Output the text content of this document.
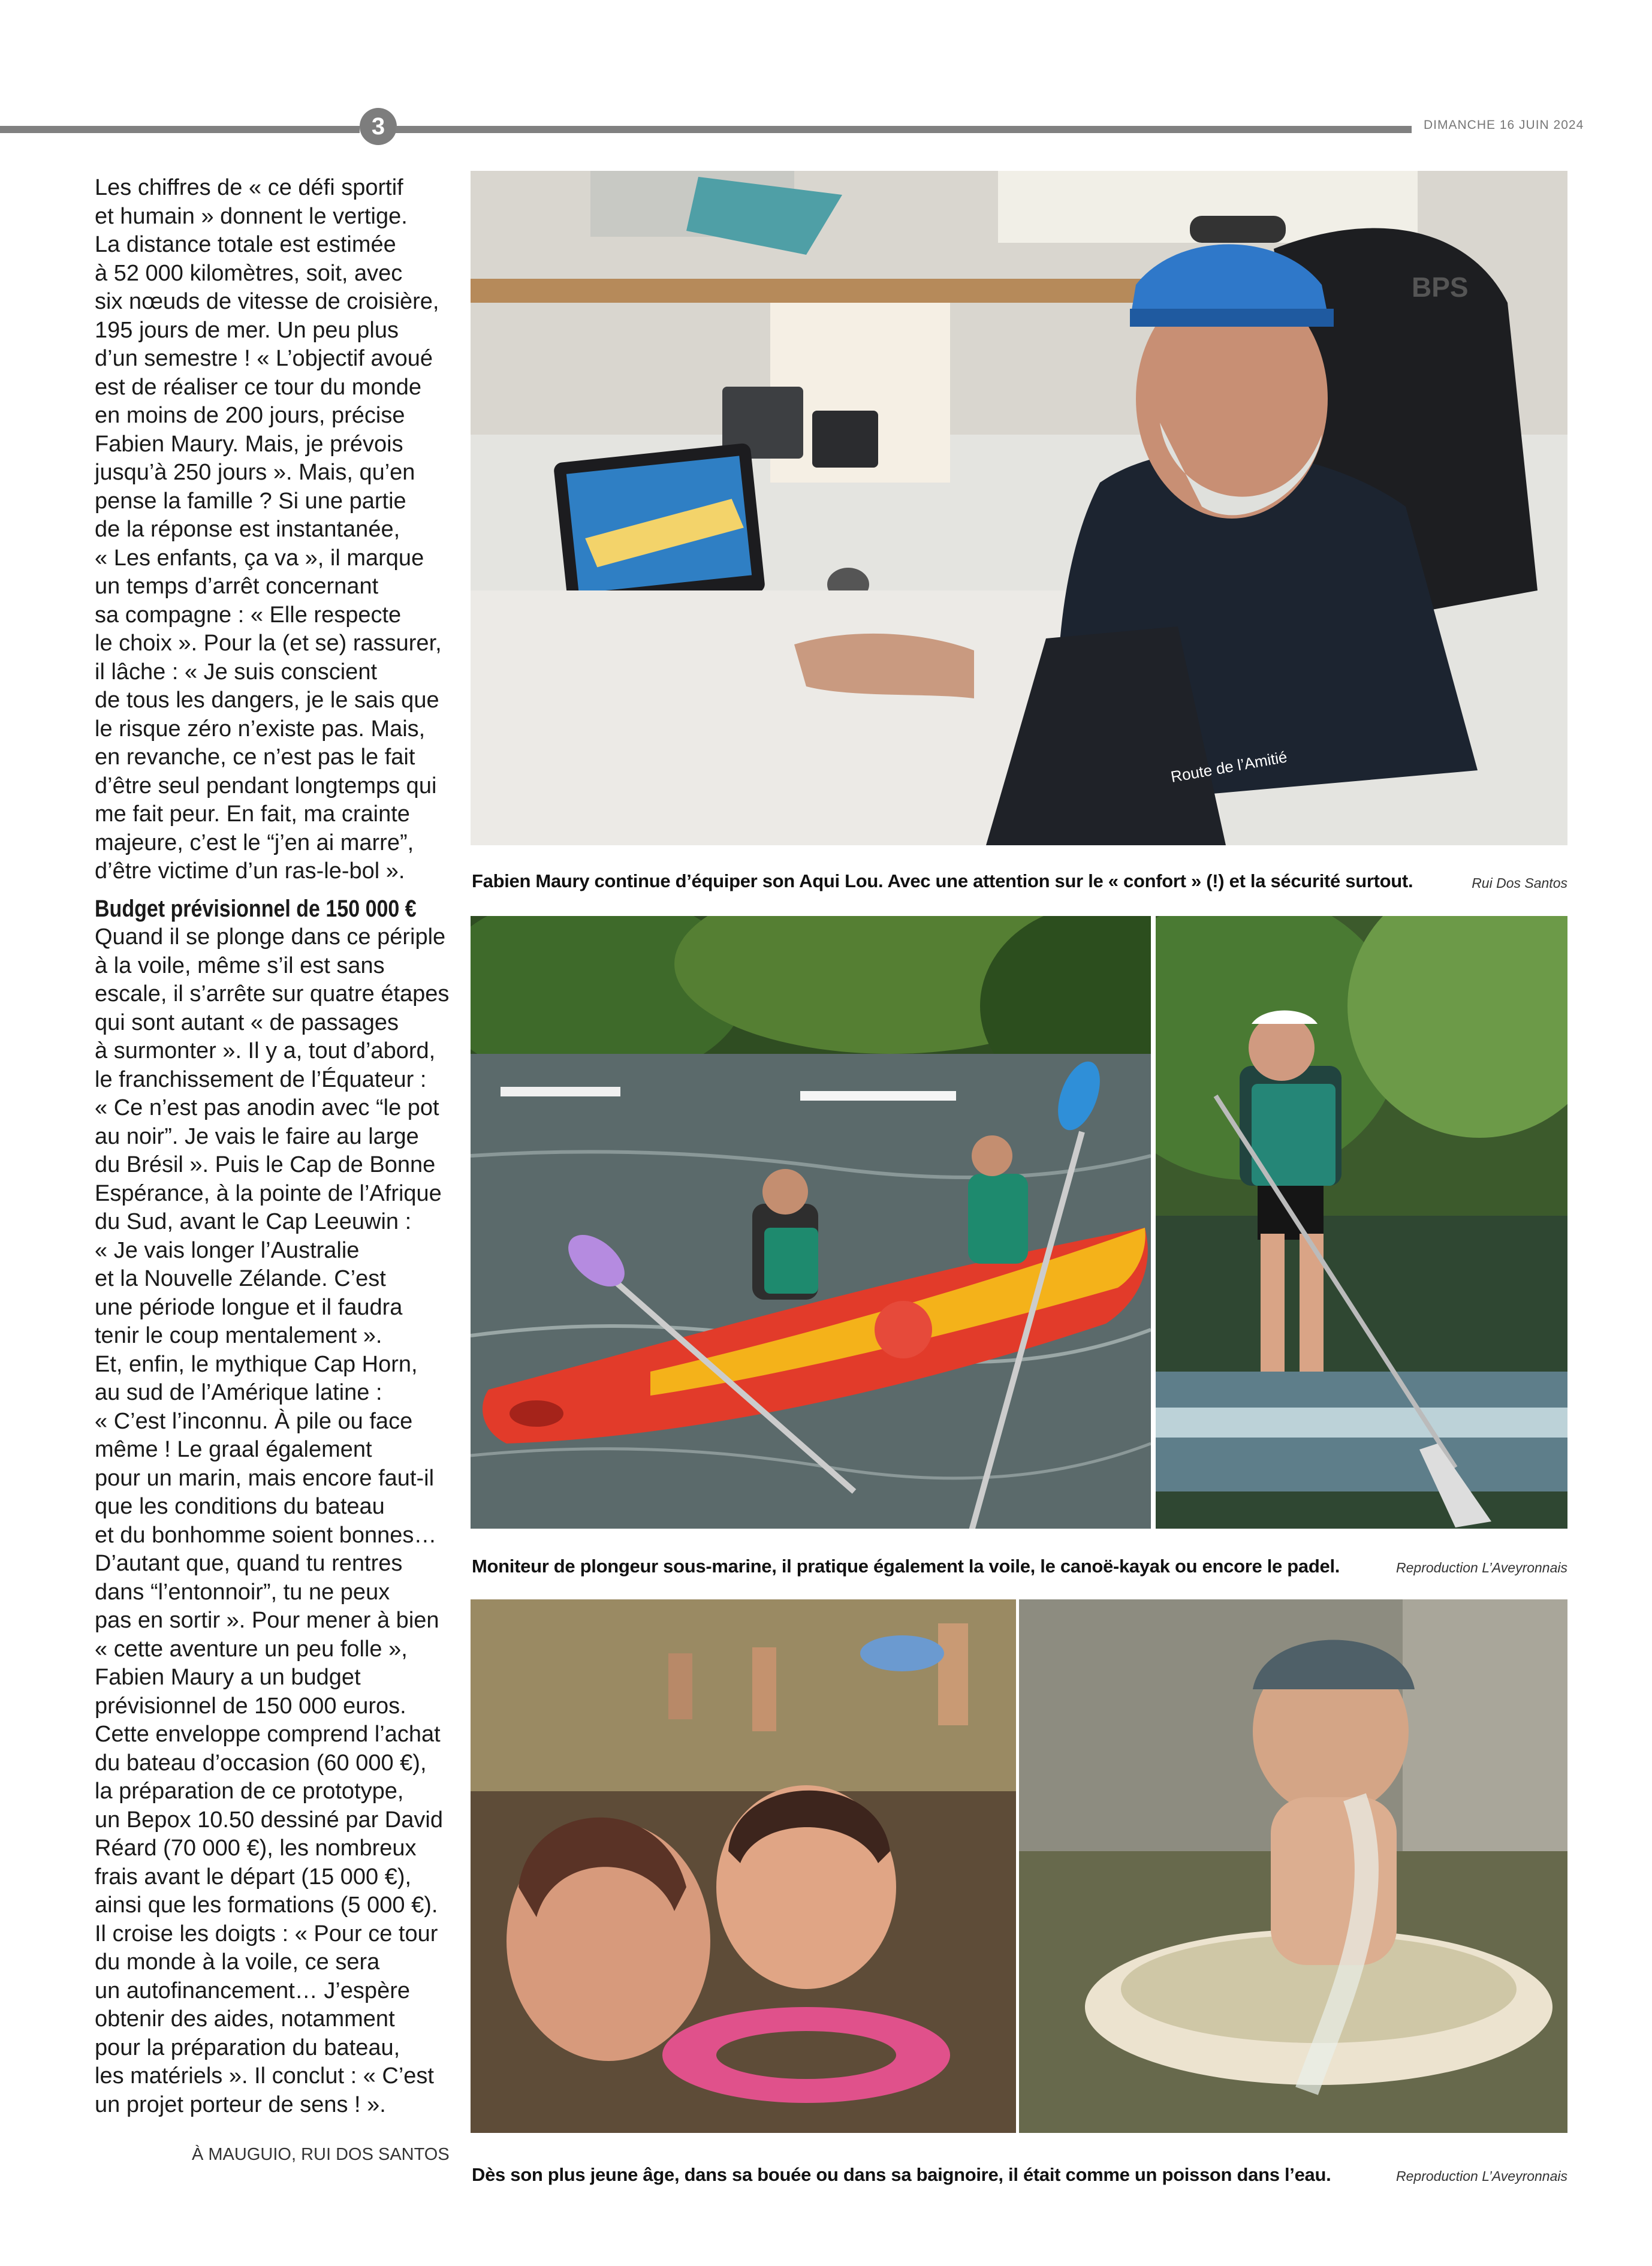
3	DIMANCHE 16 JUIN 2024
Les chiffres de « ce défi sportif
et humain » donnent le vertige.
La distance totale est estimée
à 52 000 kilomètres, soit, avec
six nœuds de vitesse de croisière,
195 jours de mer. Un peu plus
d’un semestre ! « L’objectif avoué
est de réaliser ce tour du monde
en moins de 200 jours, précise
Fabien Maury. Mais, je prévois
jusqu’à 250 jours ». Mais, qu’en
pense la famille ? Si une partie
de la réponse est instantanée,
« Les enfants, ça va », il marque
un temps d’arrêt concernant
sa compagne : « Elle respecte
le choix ». Pour la (et se) rassurer,
il lâche : « Je suis conscient
de tous les dangers, je le sais que
le risque zéro n’existe pas. Mais,
en revanche, ce n’est pas le fait
d’être seul pendant longtemps qui
me fait peur. En fait, ma crainte
majeure, c’est le “j’en ai marre”,
d’être victime d’un ras-le-bol ».
Budget prévisionnel de 150 000 €
Quand il se plonge dans ce périple
à la voile, même s’il est sans
escale, il s’arrête sur quatre étapes
qui sont autant « de passages
à surmonter ». Il y a, tout d’abord,
le franchissement de l’Équateur :
« Ce n’est pas anodin avec “le pot
au noir”. Je vais le faire au large
du Brésil ». Puis le Cap de Bonne
Espérance, à la pointe de l’Afrique
du Sud, avant le Cap Leeuwin :
« Je vais longer l’Australie
et la Nouvelle Zélande. C’est
une période longue et il faudra
tenir le coup mentalement ».
Et, enfin, le mythique Cap Horn,
au sud de l’Amérique latine :
« C’est l’inconnu. À pile ou face
même ! Le graal également
pour un marin, mais encore faut-il
que les conditions du bateau
et du bonhomme soient bonnes…
D’autant que, quand tu rentres
dans “l’entonnoir”, tu ne peux
pas en sortir ». Pour mener à bien
« cette aventure un peu folle »,
Fabien Maury a un budget
prévisionnel de 150 000 euros.
Cette enveloppe comprend l’achat
du bateau d’occasion (60 000 €),
la préparation de ce prototype,
un Bepox 10.50 dessiné par David
Réard (70 000 €), les nombreux
frais avant le départ (15 000 €),
ainsi que les formations (5 000 €).
Il croise les doigts : « Pour ce tour
du monde à la voile, ce sera
un autofinancement… J’espère
obtenir des aides, notamment
pour la préparation du bateau,
les matériels ». Il conclut : « C’est
un projet porteur de sens ! ».
À MAUGUIO, RUI DOS SANTOS
BPS
Route de l’Amitié
Fabien Maury continue d’équiper son Aqui Lou. Avec une attention sur le « confort » (!) et la sécurité surtout.	Rui Dos Santos
Moniteur de plongeur sous-marine, il pratique également la voile, le canoë-kayak ou encore le padel.	Reproduction L’Aveyronnais
Dès son plus jeune âge, dans sa bouée ou dans sa baignoire, il était comme un poisson dans l’eau.	Reproduction L’Aveyronnais
